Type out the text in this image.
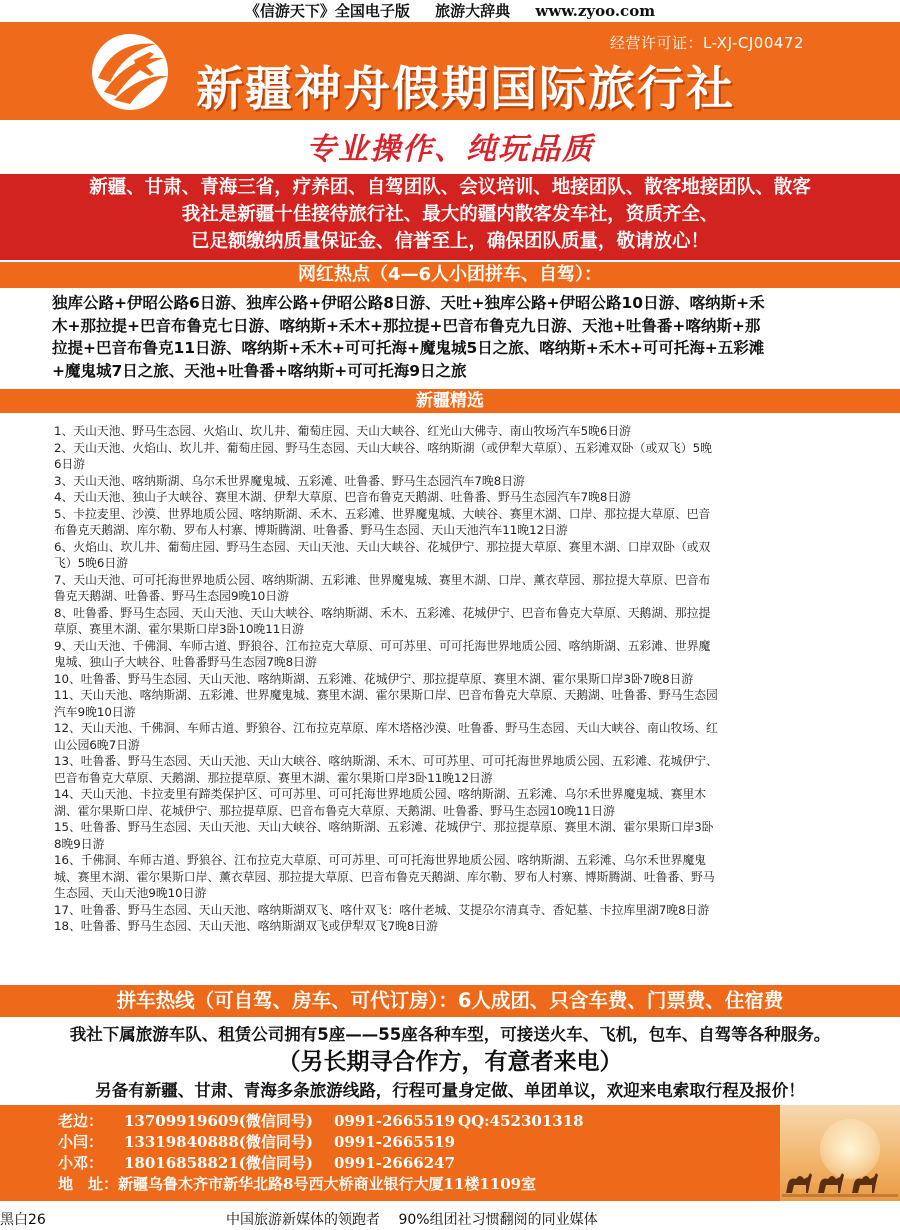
《信游天下》全国电子版 旅游大辞典 www.zyoo.com
经营许可证：L-XJ-CJ00472
新疆神舟假期国际旅行社
专业操作、纯玩品质
新疆、甘肃、青海三省，疗养团、自驾团队、会议培训、地接团队、散客地接团队、散客
我社是新疆十佳接待旅行社、最大的疆内散客发车社，资质齐全、
已足额缴纳质量保证金、信誉至上，确保团队质量，敬请放心！
网红热点（4—6人小团拼车、自驾）：
独库公路+伊昭公路6日游、独库公路+伊昭公路8日游、天吐+独库公路+伊昭公路10日游、喀纳斯+禾
木+那拉提+巴音布鲁克七日游、喀纳斯+禾木+那拉提+巴音布鲁克九日游、天池+吐鲁番+喀纳斯+那
拉提+巴音布鲁克11日游、喀纳斯+禾木+可可托海+魔鬼城5日之旅、喀纳斯+禾木+可可托海+五彩滩
+魔鬼城7日之旅、天池+吐鲁番+喀纳斯+可可托海9日之旅
新疆精选
1、天山天池、野马生态园、火焰山、坎儿井、葡萄庄园、天山大峡谷、红光山大佛寺、南山牧场汽车5晚6日游
2、天山天池、火焰山、坎儿井、葡萄庄园、野马生态园、天山大峡谷、喀纳斯湖（或伊犁大草原）、五彩滩双卧（或双飞）5晚
6日游
3、天山天池、喀纳斯湖、乌尔禾世界魔鬼城、五彩滩、吐鲁番、野马生态园汽车7晚8日游
4、天山天池、独山子大峡谷、赛里木湖、伊犁大草原、巴音布鲁克天鹅湖、吐鲁番、野马生态园汽车7晚8日游
5、卡拉麦里、沙漠、世界地质公园、喀纳斯湖、禾木、五彩滩、世界魔鬼城、大峡谷、赛里木湖、口岸、那拉提大草原、巴音
布鲁克天鹅湖、库尔勒、罗布人村寨、博斯腾湖、吐鲁番、野马生态园、天山天池汽车11晚12日游
6、火焰山、坎儿井、葡萄庄园、野马生态园、天山天池、天山大峡谷、花城伊宁、那拉提大草原、赛里木湖、口岸双卧（或双
飞）5晚6日游
7、天山天池、可可托海世界地质公园、喀纳斯湖、五彩滩、世界魔鬼城、赛里木湖、口岸、薰衣草园、那拉提大草原、巴音布
鲁克天鹅湖、吐鲁番、野马生态园9晚10日游
8、吐鲁番、野马生态园、天山天池、天山大峡谷、喀纳斯湖、禾木、五彩滩、花城伊宁、巴音布鲁克大草原、天鹅湖、那拉提
草原、赛里木湖、霍尔果斯口岸3卧10晚11日游
9、天山天池、千佛洞、车师古道、野狼谷、江布拉克大草原、可可苏里、可可托海世界地质公园、喀纳斯湖、五彩滩、世界魔
鬼城、独山子大峡谷、吐鲁番野马生态园7晚8日游
10、吐鲁番、野马生态园、天山天池、喀纳斯湖、五彩滩、花城伊宁、那拉提草原、赛里木湖、霍尔果斯口岸3卧7晚8日游
11、天山天池、喀纳斯湖、五彩滩、世界魔鬼城、赛里木湖、霍尔果斯口岸、巴音布鲁克大草原、天鹅湖、吐鲁番、野马生态园
汽车9晚10日游
12、天山天池、千佛洞、车师古道、野狼谷、江布拉克草原、库木塔格沙漠、吐鲁番、野马生态园、天山大峡谷、南山牧场、红
山公园6晚7日游
13、吐鲁番、野马生态园、天山天池、天山大峡谷、喀纳斯湖、禾木、可可苏里、可可托海世界地质公园、五彩滩、花城伊宁、
巴音布鲁克大草原、天鹅湖、那拉提草原、赛里木湖、霍尔果斯口岸3卧11晚12日游
14、天山天池、卡拉麦里有蹄类保护区、可可苏里、可可托海世界地质公园、喀纳斯湖、五彩滩、乌尔禾世界魔鬼城、赛里木
湖、霍尔果斯口岸、花城伊宁、那拉提草原、巴音布鲁克大草原、天鹅湖、吐鲁番、野马生态园10晚11日游
15、吐鲁番、野马生态园、天山天池、天山大峡谷、喀纳斯湖、五彩滩、花城伊宁、那拉提草原、赛里木湖、霍尔果斯口岸3卧
8晚9日游
16、千佛洞、车师古道、野狼谷、江布拉克大草原、可可苏里、可可托海世界地质公园、喀纳斯湖、五彩滩、乌尔禾世界魔鬼
城、赛里木湖、霍尔果斯口岸、薰衣草园、那拉提大草原、巴音布鲁克天鹅湖、库尔勒、罗布人村寨、博斯腾湖、吐鲁番、野马
生态园、天山天池9晚10日游
17、吐鲁番、野马生态园、天山天池、喀纳斯湖双飞、喀什双飞：喀什老城、艾提尕尔清真寺、香妃墓、卡拉库里湖7晚8日游
18、吐鲁番、野马生态园、天山天池、喀纳斯湖双飞或伊犁双飞7晚8日游
拼车热线（可自驾、房车、可代订房）：6人成团、只含车费、门票费、住宿费
我社下属旅游车队、租赁公司拥有5座——55座各种车型，可接送火车、飞机，包车、自驾等各种服务。
（另长期寻合作方，有意者来电）
另备有新疆、甘肃、青海多条旅游线路，行程可量身定做、单团单议，欢迎来电索取行程及报价！
老边： 13709919609(微信同号) 0991-2665519 QQ:452301318
小闫： 13319840888(微信同号) 0991-2665519
小邓： 18016858821(微信同号) 0991-2666247
地　址：新疆乌鲁木齐市新华北路8号西大桥商业银行大厦11楼1109室
黑白26	中国旅游新媒体的领跑者　 90%组团社习惯翻阅的同业媒体
